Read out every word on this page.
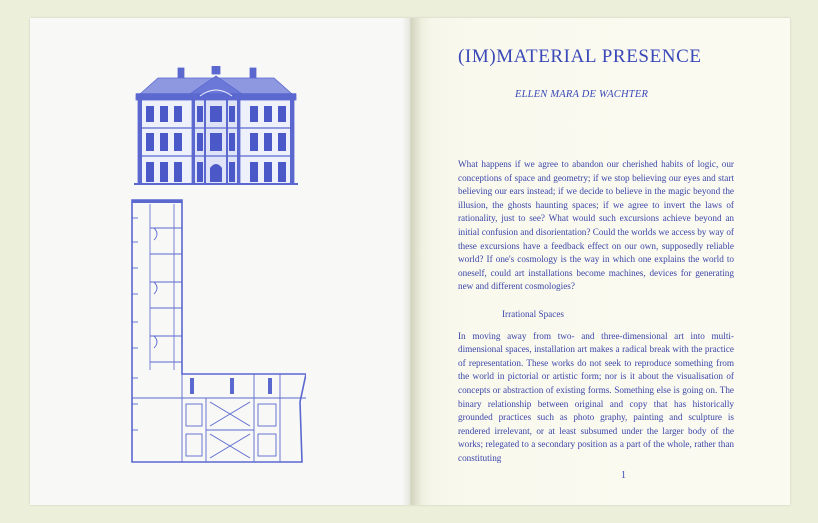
(IM)MATERIAL PRESENCE
ELLEN MARA DE WACHTER

What happens if we agree to abandon our cherished habits of logic, our conceptions of space and geometry; if we stop believing our eyes and start believing our ears instead; if we decide to believe in the magic beyond the illusion, the ghosts haunting spaces; if we agree to invert the laws of rationality, just to see? What would such excursions achieve beyond an initial confusion and disorientation? Could the worlds we access by way of these excursions have a feedback effect on our own, supposedly reliable world? If one's cosmology is the way in which one explains the world to oneself, could art installations become machines, devices for generating new and different cosmologies?

Irrational Spaces

In moving away from two- and three-dimensional art into multi-dimensional spaces, installation art makes a radical break with the practice of representation. These works do not seek to reproduce something from the world in pictorial or artistic form; nor is it about the visualisation of concepts or abstraction of existing forms. Something else is going on. The binary relationship between original and copy that has historically grounded practices such as photo graphy, painting and sculpture is rendered irrelevant, or at least subsumed under the larger body of the works; relegated to a secondary position as a part of the whole, rather than constituting

1
